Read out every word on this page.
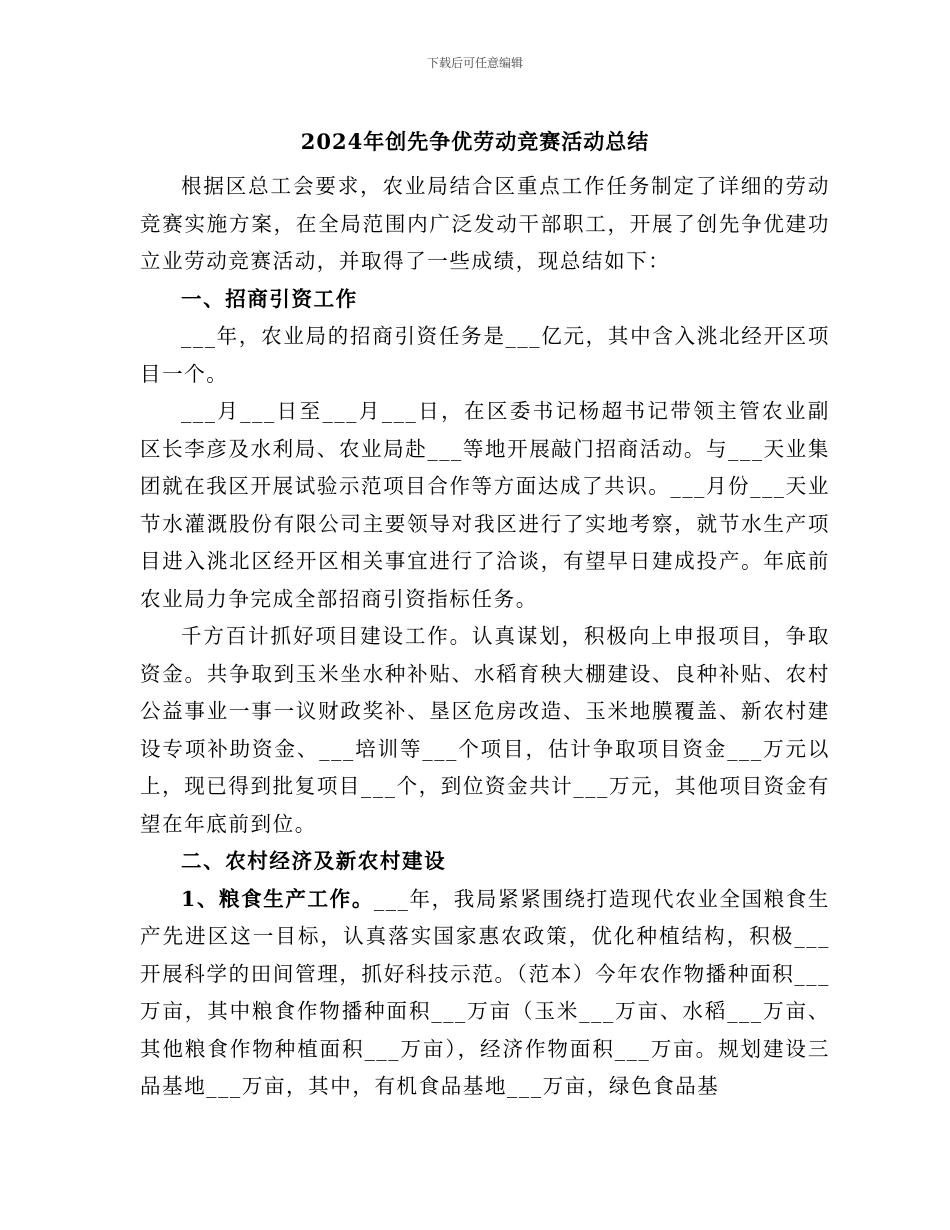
下载后可任意编辑
2024年创先争优劳动竞赛活动总结

根据区总工会要求，农业局结合区重点工作任务制定了详细的劳动竞赛实施方案，在全局范围内广泛发动干部职工，开展了创先争优建功立业劳动竞赛活动，并取得了一些成绩，现总结如下：

一、招商引资工作

___年，农业局的招商引资任务是___亿元，其中含入洮北经开区项目一个。

___月___日至___月___日，在区委书记杨超书记带领主管农业副区长李彦及水利局、农业局赴___等地开展敲门招商活动。与___天业集团就在我区开展试验示范项目合作等方面达成了共识。___月份___天业节水灌溉股份有限公司主要领导对我区进行了实地考察，就节水生产项目进入洮北区经开区相关事宜进行了洽谈，有望早日建成投产。年底前农业局力争完成全部招商引资指标任务。

千方百计抓好项目建设工作。认真谋划，积极向上申报项目，争取资金。共争取到玉米坐水种补贴、水稻育秧大棚建设、良种补贴、农村公益事业一事一议财政奖补、垦区危房改造、玉米地膜覆盖、新农村建设专项补助资金、___培训等___个项目，估计争取项目资金___万元以上，现已得到批复项目___个，到位资金共计___万元，其他项目资金有望在年底前到位。

二、农村经济及新农村建设

1、粮食生产工作。___年，我局紧紧围绕打造现代农业全国粮食生产先进区这一目标，认真落实国家惠农政策，优化种植结构，积极___开展科学的田间管理，抓好科技示范。（范本）今年农作物播种面积___万亩，其中粮食作物播种面积___万亩（玉米___万亩、水稻___万亩、其他粮食作物种植面积___万亩），经济作物面积___万亩。规划建设三品基地___万亩，其中，有机食品基地___万亩，绿色食品基
